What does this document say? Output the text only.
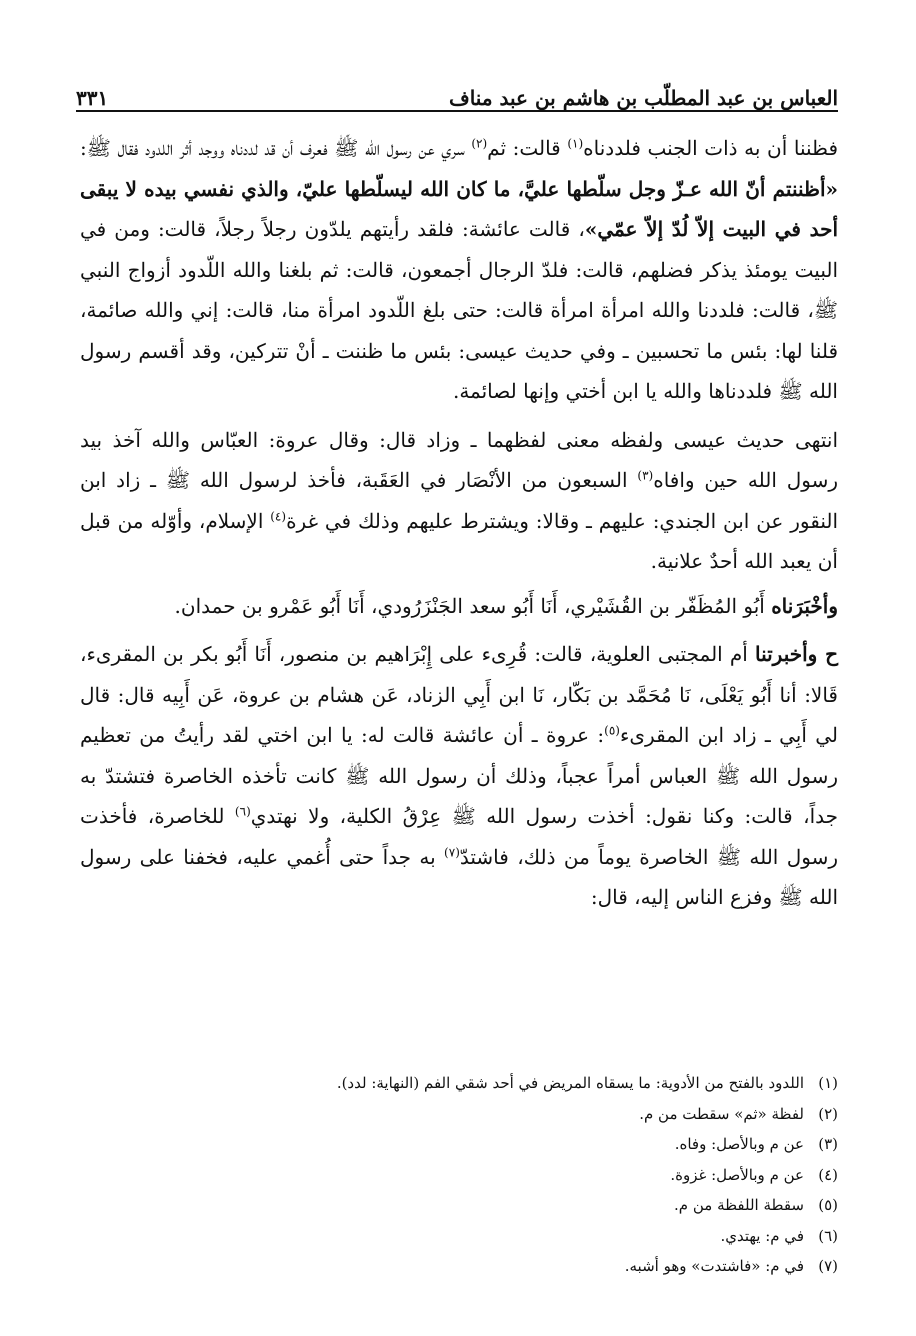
العباس بن عبد المطلّب بن هاشم بن عبد مناف
٣٣١

فظننا أن به ذات الجنب فلددناه$^{(١)}$ قالت: ثم$^{(٢)}$ سري عن رسول الله ﷺ فعرف أن قد لددناه ووجد أثر اللدود فقال ﷺ: «أظننتم أنّ الله عـزّ وجل سلّطها عليَّ، ما كان الله ليسلّطها عليّ، والذي نفسي بيده لا يبقى أحد في البيت إلاّ لُدّ إلاّ عمّي»، قالت عائشة: فلقد رأيتهم يلدّون رجلاً رجلاً، قالت: ومن في البيت يومئذ يذكر فضلهم، قالت: فلدّ الرجال أجمعون، قالت: ثم بلغنا والله اللّدود أزواج النبي ﷺ، قالت: فلددنا والله امرأة امرأة قالت: حتى بلغ اللّدود امرأة منا، قالت: إني والله صائمة، قلنا لها: بئس ما تحسبين ـ وفي حديث عيسى: بئس ما ظننت ـ أنْ تتركين، وقد أقسم رسول الله ﷺ فلددناها والله يا ابن أختي وإنها لصائمة.

انتهى حديث عيسى ولفظه معنى لفظهما ـ وزاد قال: وقال عروة: العبّاس والله آخذ بيد رسول الله حين وافاه$^{(٣)}$ السبعون من الأنْصَار في العَقَبة، فأخذ لرسول الله ﷺ ـ زاد ابن النقور عن ابن الجندي: عليهم ـ وقالا: ويشترط عليهم وذلك في غرة$^{(٤)}$ الإسلام، وأوّله من قبل أن يعبد الله أحدٌ علانية.

وأخْبَرَناه أَبُو المُظَفّر بن القُشَيْري، أَنَا أَبُو سعد الجَنْزَرُودي، أَنَا أَبُو عَمْرو بن حمدان.

ح وأخبرتنا أم المجتبى العلوية، قالت: قُرِىء على إِبْرَاهيم بن منصور، أَنَا أَبُو بكر بن المقرىء، قَالا: أنا أَبُو يَعْلَى، نَا مُحَمَّد بن بَكّار، نَا ابن أَبِي الزناد، عَن هشام بن عروة، عَن أَبِيه قال: قال لي أَبِي ـ زاد ابن المقرىء$^{(٥)}$: عروة ـ أن عائشة قالت له: يا ابن اختي لقد رأيتُ من تعظيم رسول الله ﷺ العباس أمراً عجباً، وذلك أن رسول الله ﷺ كانت تأخذه الخاصرة فتشتدّ به جداً، قالت: وكنا نقول: أخذت رسول الله ﷺ عِرْقُ الكلية، ولا نهتدي$^{(٦)}$ للخاصرة، فأخذت رسول الله ﷺ الخاصرة يوماً من ذلك، فاشتدّ$^{(٧)}$ به جداً حتى أُغمي عليه، فخفنا على رسول الله ﷺ وفزع الناس إليه، قال:

(١)اللدود بالفتح من الأدوية: ما يسقاه المريض في أحد شقي الفم (النهاية: لدد).
(٢)لفظة «ثم» سقطت من م.
(٣)عن م وبالأصل: وفاه.
(٤)عن م وبالأصل: غزوة.
(٥)سقطة اللفظة من م.
(٦)في م: يهتدي.
(٧)في م: «فاشتدت» وهو أشبه.
